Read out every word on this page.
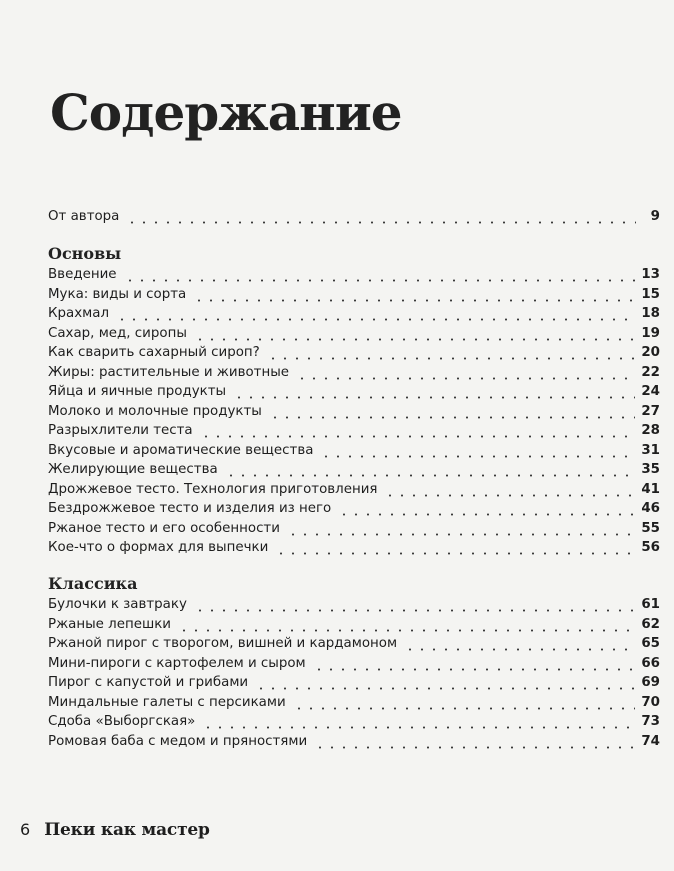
Содержание
От автора	9
Основы
Введение	13
Мука: виды и сорта	15
Крахмал	18
Сахар, мед, сиропы	19
Как сварить сахарный сироп?	20
Жиры: растительные и животные	22
Яйца и яичные продукты	24
Молоко и молочные продукты	27
Разрыхлители теста	28
Вкусовые и ароматические вещества	31
Желирующие вещества	35
Дрожжевое тесто. Технология приготовления	41
Бездрожжевое тесто и изделия из него	46
Ржаное тесто и его особенности	55
Кое-что о формах для выпечки	56
Классика
Булочки к завтраку	61
Ржаные лепешки	62
Ржаной пирог с творогом, вишней и кардамоном	65
Мини-пироги с картофелем и сыром	66
Пирог с капустой и грибами	69
Миндальные галеты с персиками	70
Сдоба «Выборгская»	73
Ромовая баба с медом и пряностями	74
6 Пеки как мастер
